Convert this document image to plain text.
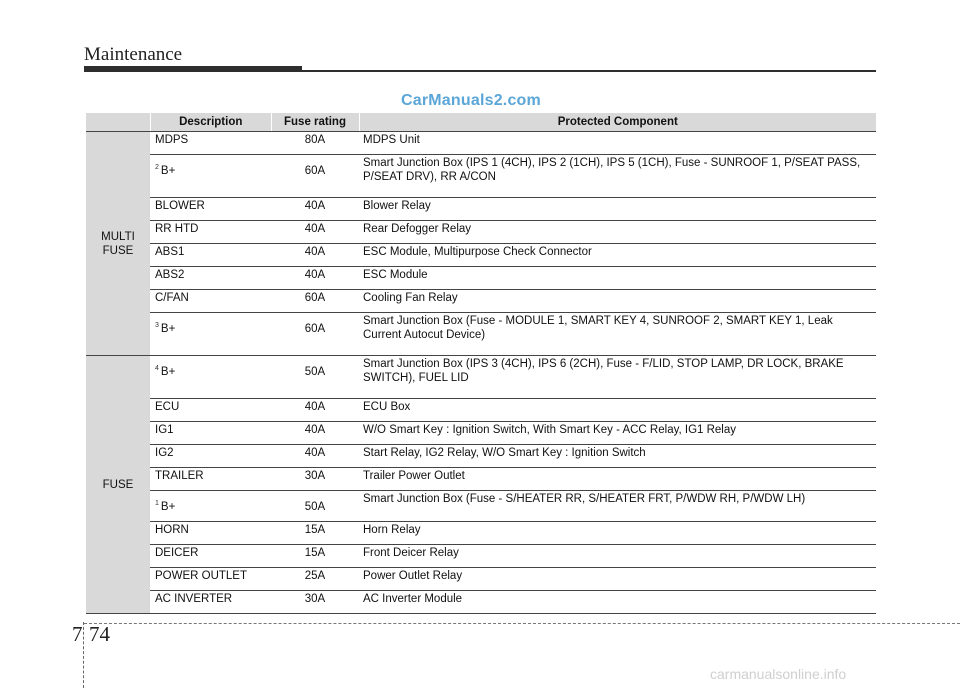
Maintenance
CarManuals2.com
	Description	Fuse rating	Protected Component
MULTI
FUSE	MDPS	80A	MDPS Unit
	$^2$ B+	60A	Smart Junction Box (IPS 1 (4CH), IPS 2 (1CH), IPS 5 (1CH), Fuse - SUNROOF 1, P/SEAT PASS, P/SEAT DRV), RR A/CON
	BLOWER	40A	Blower Relay
	RR HTD	40A	Rear Defogger Relay
	ABS1	40A	ESC Module, Multipurpose Check Connector
	ABS2	40A	ESC Module
	C/FAN	60A	Cooling Fan Relay
	$^3$ B+	60A	Smart Junction Box (Fuse - MODULE 1, SMART KEY 4, SUNROOF 2, SMART KEY 1, Leak Current Autocut Device)
FUSE	$^4$ B+	50A	Smart Junction Box (IPS 3 (4CH), IPS 6 (2CH), Fuse - F/LID, STOP LAMP, DR LOCK, BRAKE SWITCH), FUEL LID
	ECU	40A	ECU Box
	IG1	40A	W/O Smart Key : Ignition Switch, With Smart Key - ACC Relay, IG1 Relay
	IG2	40A	Start Relay, IG2 Relay, W/O Smart Key : Ignition Switch
	TRAILER	30A	Trailer Power Outlet
	$^1$ B+	50A	Smart Junction Box (Fuse - S/HEATER RR, S/HEATER FRT, P/WDW RH, P/WDW LH)
	HORN	15A	Horn Relay
	DEICER	15A	Front Deicer Relay
	POWER OUTLET	25A	Power Outlet Relay
	AC INVERTER	30A	AC Inverter Module
7 74
carmanualsonline.info
